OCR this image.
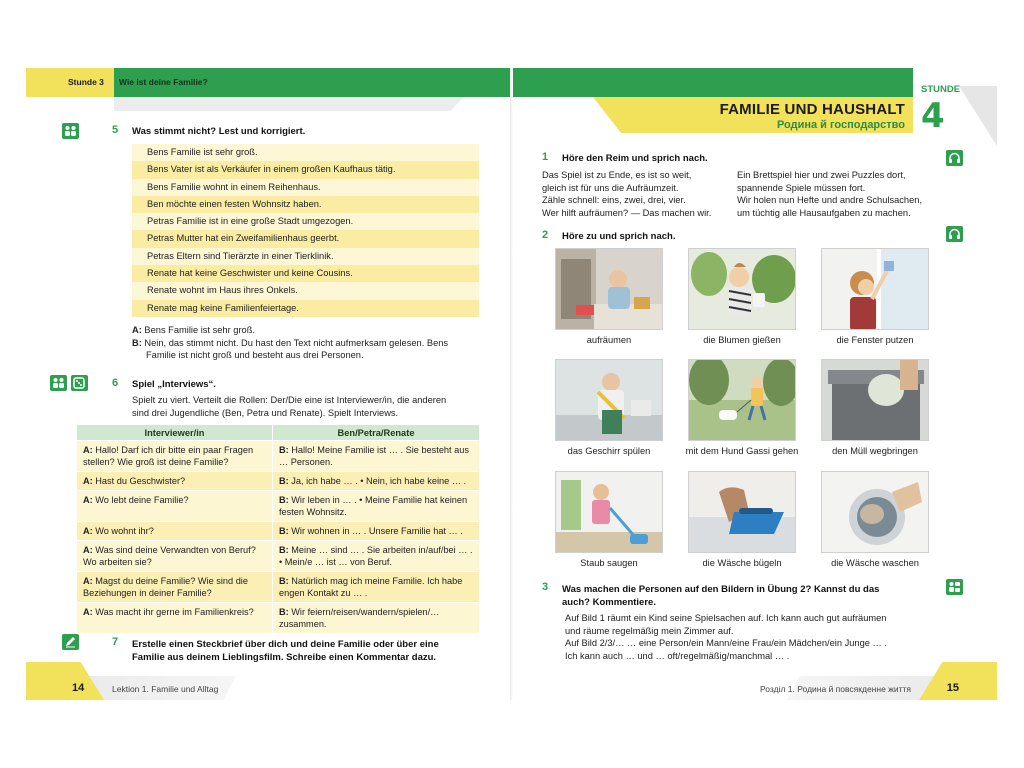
Stunde 3 Wie ist deine Familie?
5 Was stimmt nicht? Lest und korrigiert.
Bens Familie ist sehr groß.
Bens Vater ist als Verkäufer in einem großen Kaufhaus tätig.
Bens Familie wohnt in einem Reihenhaus.
Ben möchte einen festen Wohnsitz haben.
Petras Familie ist in eine große Stadt umgezogen.
Petras Mutter hat ein Zweifamilienhaus geerbt.
Petras Eltern sind Tierärzte in einer Tierklinik.
Renate hat keine Geschwister und keine Cousins.
Renate wohnt im Haus ihres Onkels.
Renate mag keine Familienfeiertage.
A: Bens Familie ist sehr groß.
B: Nein, das stimmt nicht. Du hast den Text nicht aufmerksam gelesen. Bens
Familie ist nicht groß und besteht aus drei Personen.
6 Spiel „Interviews“.
Spielt zu viert. Verteilt die Rollen: Der/Die eine ist Interviewer/in, die anderen
sind drei Jugendliche (Ben, Petra und Renate). Spielt Interviews.
Interviewer/in	Ben/Petra/Renate
A: Hallo! Darf ich dir bitte ein paar Fragen stellen? Wie groß ist deine Familie?	B: Hallo! Meine Familie ist … . Sie besteht aus … Personen.
A: Hast du Geschwister?	B: Ja, ich habe … . • Nein, ich habe keine … .
A: Wo lebt deine Familie?	B: Wir leben in … . • Meine Familie hat keinen festen Wohnsitz.
A: Wo wohnt ihr?	B: Wir wohnen in … . Unsere Familie hat … .
A: Was sind deine Verwandten von Beruf? Wo arbeiten sie?	B: Meine … sind … . Sie arbeiten in/auf/bei … . • Mein/e … ist … von Beruf.
A: Magst du deine Familie? Wie sind die Beziehungen in deiner Familie?	B: Natürlich mag ich meine Familie. Ich habe engen Kontakt zu … .
A: Was macht ihr gerne im Familienkreis?	B: Wir feiern/reisen/wandern/spielen/… zusammen.
7 Erstelle einen Steckbrief über dich und deine Familie oder über eine
Familie aus deinem Lieblingsfilm. Schreibe einen Kommentar dazu.
14	Lektion 1. Familie und Alltag
STUNDE
4
FAMILIE UND HAUSHALT
Родина й господарство
1 Höre den Reim und sprich nach.
Das Spiel ist zu Ende, es ist so weit,
gleich ist für uns die Aufräumzeit.
Zähle schnell: eins, zwei, drei, vier.
Wer hilft aufräumen? — Das machen wir.
Ein Brettspiel hier und zwei Puzzles dort,
spannende Spiele müssen fort.
Wir holen nun Hefte und andre Schulsachen,
um tüchtig alle Hausaufgaben zu machen.
2 Höre zu und sprich nach.
aufräumen	die Blumen gießen	die Fenster putzen
das Geschirr spülen	mit dem Hund Gassi gehen	den Müll wegbringen
Staub saugen	die Wäsche bügeln	die Wäsche waschen
3 Was machen die Personen auf den Bildern in Übung 2? Kannst du das
auch? Kommentiere.
Auf Bild 1 räumt ein Kind seine Spielsachen auf. Ich kann auch gut aufräumen
und räume regelmäßig mein Zimmer auf.
Auf Bild 2/3/… … eine Person/ein Mann/eine Frau/ein Mädchen/ein Junge … .
Ich kann auch … und … oft/regelmäßig/manchmal … .
Розділ 1. Родина й повсякденне життя	15
